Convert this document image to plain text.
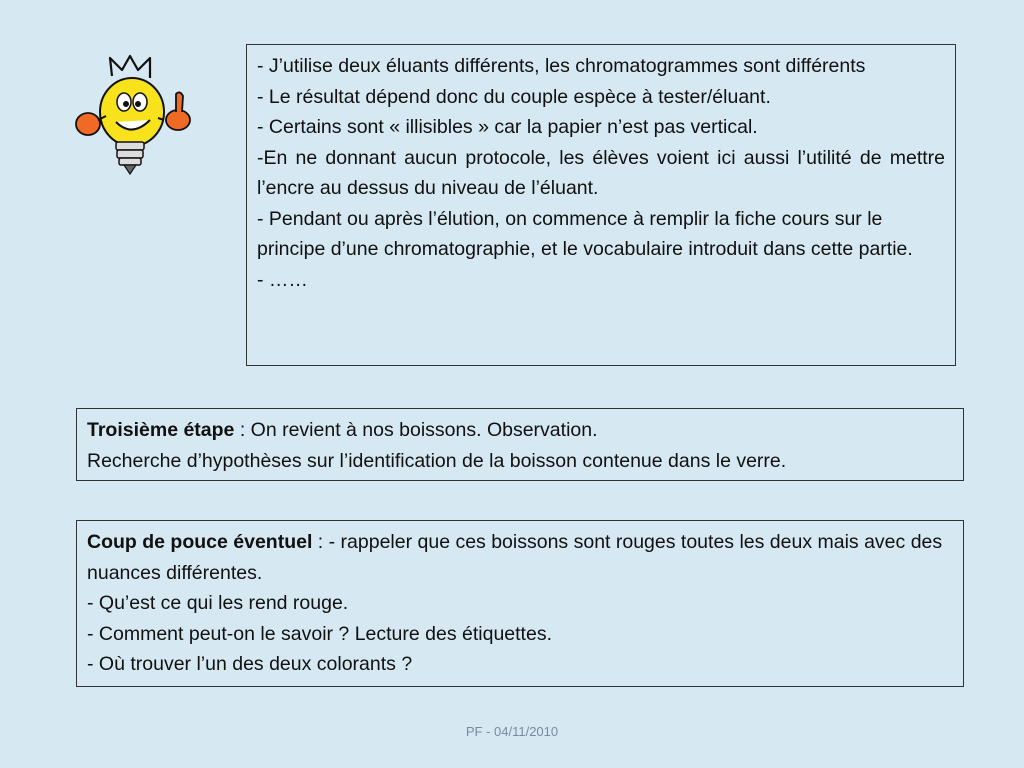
- J’utilise deux éluants différents, les chromatogrammes sont différents
- Le résultat dépend donc du couple espèce à tester/éluant.
- Certains sont « illisibles » car la papier n’est pas vertical.
-En ne donnant aucun protocole, les élèves voient ici aussi l’utilité de mettre l’encre au dessus du niveau de l’éluant.
- Pendant ou après l’élution, on commence à remplir la fiche cours sur le principe d’une chromatographie, et le vocabulaire introduit dans cette partie.
- ……
Troisième étape : On revient à nos boissons. Observation.
Recherche d’hypothèses sur l’identification de la boisson contenue dans le verre.
Coup de pouce éventuel : - rappeler que ces boissons sont rouges toutes les deux mais avec des nuances différentes.
- Qu’est ce qui les rend rouge.
- Comment peut-on le savoir ? Lecture des étiquettes.
- Où trouver l’un des deux colorants ?
PF - 04/11/2010
